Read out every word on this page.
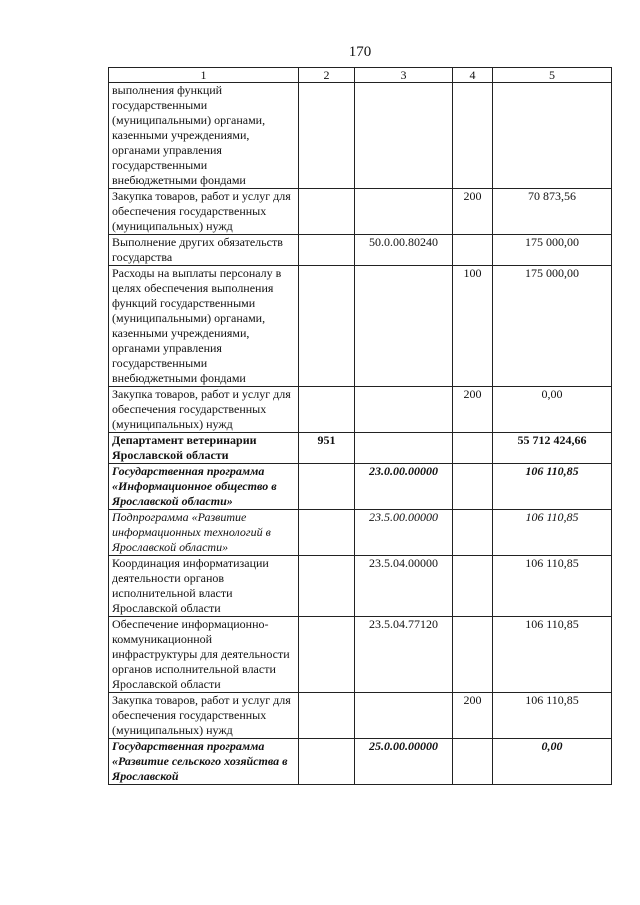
170
1	2	3	4	5
выполнения функций государственными (муниципальными) органами, казенными учреждениями, органами управления государственными внебюджетными фондами				
Закупка товаров, работ и услуг для обеспечения государственных (муниципальных) нужд			200	70 873,56
Выполнение других обязательств государства		50.0.00.80240		175 000,00
Расходы на выплаты персоналу в целях обеспечения выполнения функций государственными (муниципальными) органами, казенными учреждениями, органами управления государственными внебюджетными фондами			100	175 000,00
Закупка товаров, работ и услуг для обеспечения государственных (муниципальных) нужд			200	0,00
Департамент ветеринарии Ярославской области	951			55 712 424,66
Государственная программа «Информационное общество в Ярославской области»		23.0.00.00000		106 110,85
Подпрограмма «Развитие информационных технологий в Ярославской области»		23.5.00.00000		106 110,85
Координация информатизации деятельности органов исполнительной власти Ярославской области		23.5.04.00000		106 110,85
Обеспечение информационно-коммуникационной инфраструктуры для деятельности органов исполнительной власти Ярославской области		23.5.04.77120		106 110,85
Закупка товаров, работ и услуг для обеспечения государственных (муниципальных) нужд			200	106 110,85
Государственная программа «Развитие сельского хозяйства в Ярославской		25.0.00.00000		0,00
